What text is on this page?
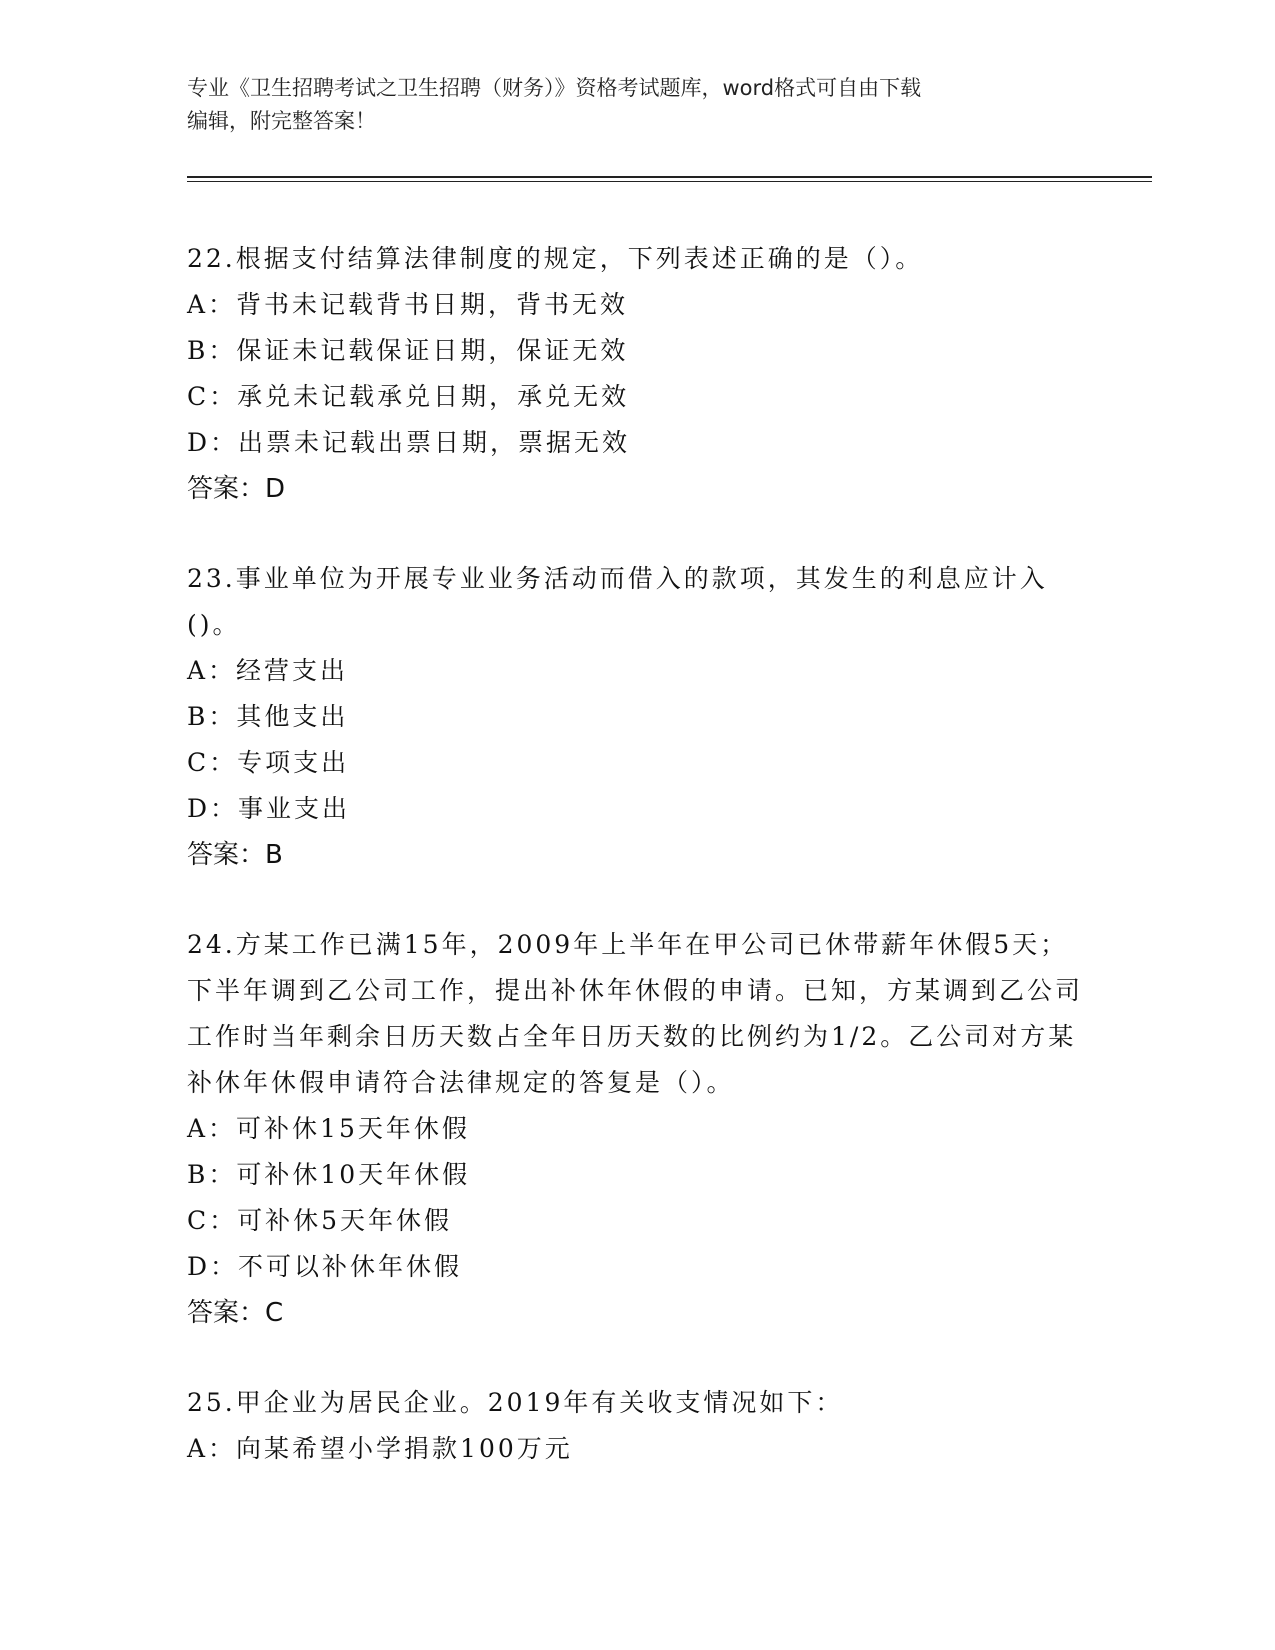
专业《卫生招聘考试之卫生招聘（财务）》资格考试题库，word格式可自由下载
编辑，附完整答案！

22.根据支付结算法律制度的规定，下列表述正确的是（）。

A：背书未记载背书日期，背书无效

B：保证未记载保证日期，保证无效

C：承兑未记载承兑日期，承兑无效

D：出票未记载出票日期，票据无效

答案：D

23.事业单位为开展专业业务活动而借入的款项，其发生的利息应计入()。

A：经营支出

B：其他支出

C：专项支出

D：事业支出

答案：B

24.方某工作已满15年，2009年上半年在甲公司已休带薪年休假5天；下半年调到乙公司工作，提出补休年休假的申请。已知，方某调到乙公司工作时当年剩余日历天数占全年日历天数的比例约为1/2。乙公司对方某补休年休假申请符合法律规定的答复是（）。

A：可补休15天年休假

B：可补休10天年休假

C：可补休5天年休假

D：不可以补休年休假

答案：C

25.甲企业为居民企业。2019年有关收支情况如下：

A：向某希望小学捐款100万元
